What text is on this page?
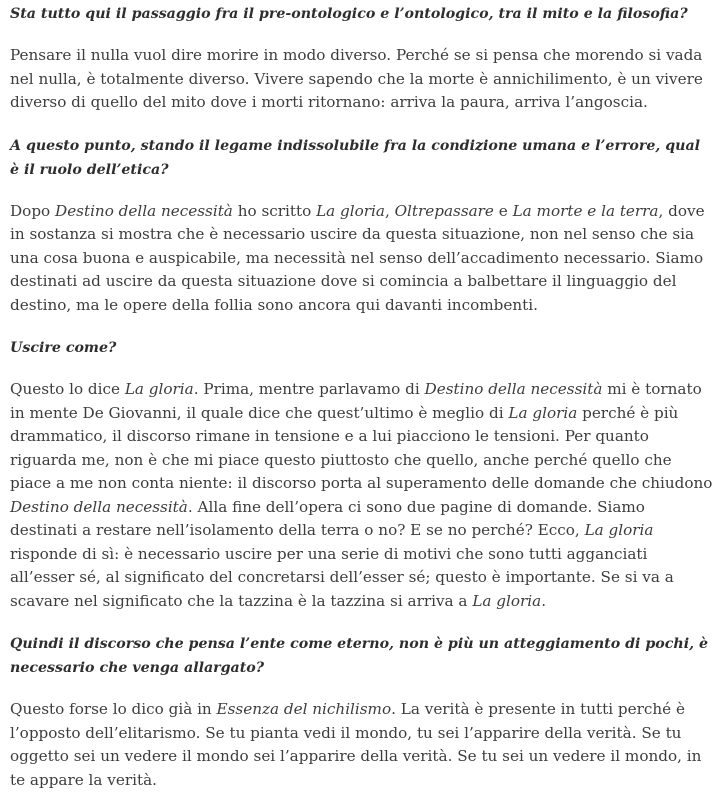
Sta tutto qui il passaggio fra il pre-ontologico e l’ontologico, tra il mito e la filosofia?

Pensare il nulla vuol dire morire in modo diverso. Perché se si pensa che morendo si vada nel nulla, è totalmente diverso. Vivere sapendo che la morte è annichilimento, è un vivere diverso di quello del mito dove i morti ritornano: arriva la paura, arriva l’angoscia.

A questo punto, stando il legame indissolubile fra la condizione umana e l’errore, qual è il ruolo dell’etica?

Dopo Destino della necessità ho scritto La gloria, Oltrepassare e La morte e la terra, dove in sostanza si mostra che è necessario uscire da questa situazione, non nel senso che sia una cosa buona e auspicabile, ma necessità nel senso dell’accadimento necessario. Siamo destinati ad uscire da questa situazione dove si comincia a balbettare il linguaggio del destino, ma le opere della follia sono ancora qui davanti incombenti.

Uscire come?

Questo lo dice La gloria. Prima, mentre parlavamo di Destino della necessità mi è tornato in mente De Giovanni, il quale dice che quest’ultimo è meglio di La gloria perché è più drammatico, il discorso rimane in tensione e a lui piacciono le tensioni. Per quanto riguarda me, non è che mi piace questo piuttosto che quello, anche perché quello che piace a me non conta niente: il discorso porta al superamento delle domande che chiudono Destino della necessità. Alla fine dell’opera ci sono due pagine di domande. Siamo destinati a restare nell’isolamento della terra o no? E se no perché? Ecco, La gloria risponde di sì: è necessario uscire per una serie di motivi che sono tutti agganciati all’esser sé, al significato del concretarsi dell’esser sé; questo è importante. Se si va a scavare nel significato che la tazzina è la tazzina si arriva a La gloria.

Quindi il discorso che pensa l’ente come eterno, non è più un atteggiamento di pochi, è necessario che venga allargato?

Questo forse lo dico già in Essenza del nichilismo. La verità è presente in tutti perché è l’opposto dell’elitarismo. Se tu pianta vedi il mondo, tu sei l’apparire della verità. Se tu oggetto sei un vedere il mondo sei l’apparire della verità. Se tu sei un vedere il mondo, in te appare la verità.
